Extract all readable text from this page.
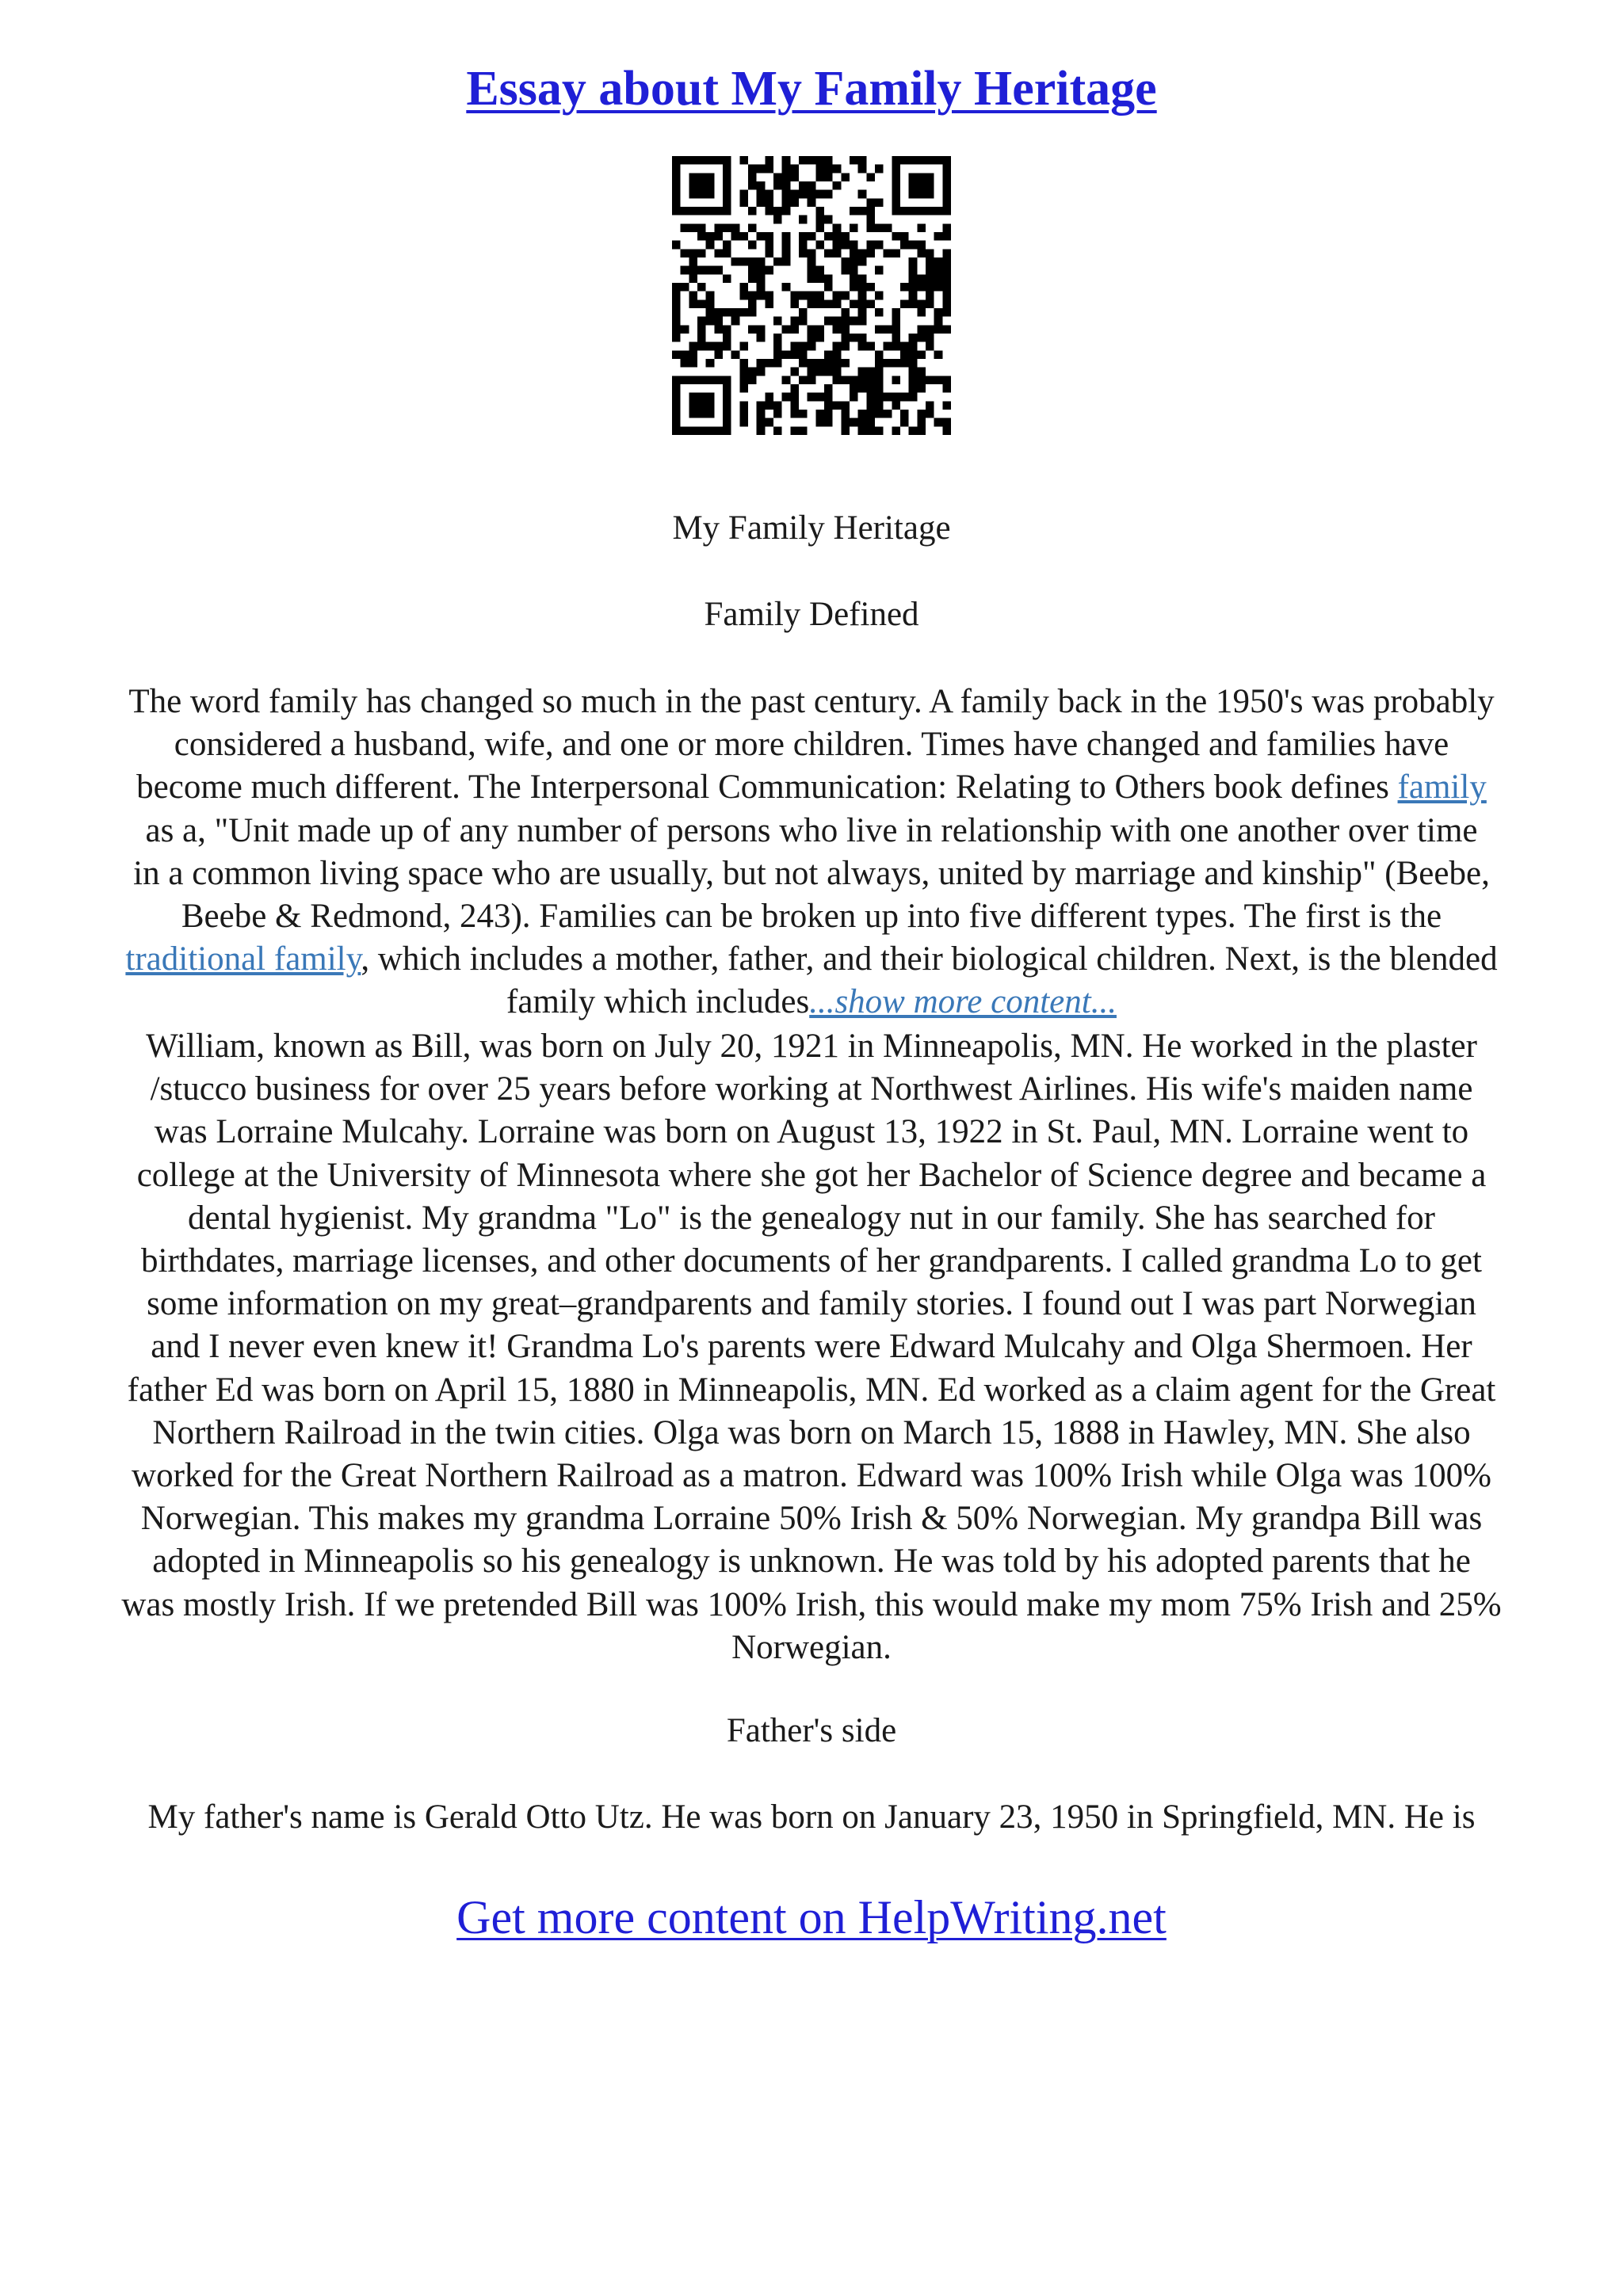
Essay about My Family Heritage
My Family Heritage
Family Defined
The word family has changed so much in the past century. A family back in the 1950's was probably
considered a husband, wife, and one or more children. Times have changed and families have
become much different. The Interpersonal Communication: Relating to Others book defines family
as a, "Unit made up of any number of persons who live in relationship with one another over time
in a common living space who are usually, but not always, united by marriage and kinship" (Beebe,
Beebe & Redmond, 243). Families can be broken up into five different types. The first is the
traditional family, which includes a mother, father, and their biological children. Next, is the blended
family which includes...show more content...
William, known as Bill, was born on July 20, 1921 in Minneapolis, MN. He worked in the plaster
/stucco business for over 25 years before working at Northwest Airlines. His wife's maiden name
was Lorraine Mulcahy. Lorraine was born on August 13, 1922 in St. Paul, MN. Lorraine went to
college at the University of Minnesota where she got her Bachelor of Science degree and became a
dental hygienist. My grandma "Lo" is the genealogy nut in our family. She has searched for
birthdates, marriage licenses, and other documents of her grandparents. I called grandma Lo to get
some information on my great–grandparents and family stories. I found out I was part Norwegian
and I never even knew it! Grandma Lo's parents were Edward Mulcahy and Olga Shermoen. Her
father Ed was born on April 15, 1880 in Minneapolis, MN. Ed worked as a claim agent for the Great
Northern Railroad in the twin cities. Olga was born on March 15, 1888 in Hawley, MN. She also
worked for the Great Northern Railroad as a matron. Edward was 100% Irish while Olga was 100%
Norwegian. This makes my grandma Lorraine 50% Irish & 50% Norwegian. My grandpa Bill was
adopted in Minneapolis so his genealogy is unknown. He was told by his adopted parents that he
was mostly Irish. If we pretended Bill was 100% Irish, this would make my mom 75% Irish and 25%
Norwegian.
Father's side
My father's name is Gerald Otto Utz. He was born on January 23, 1950 in Springfield, MN. He is
Get more content on HelpWriting.net
